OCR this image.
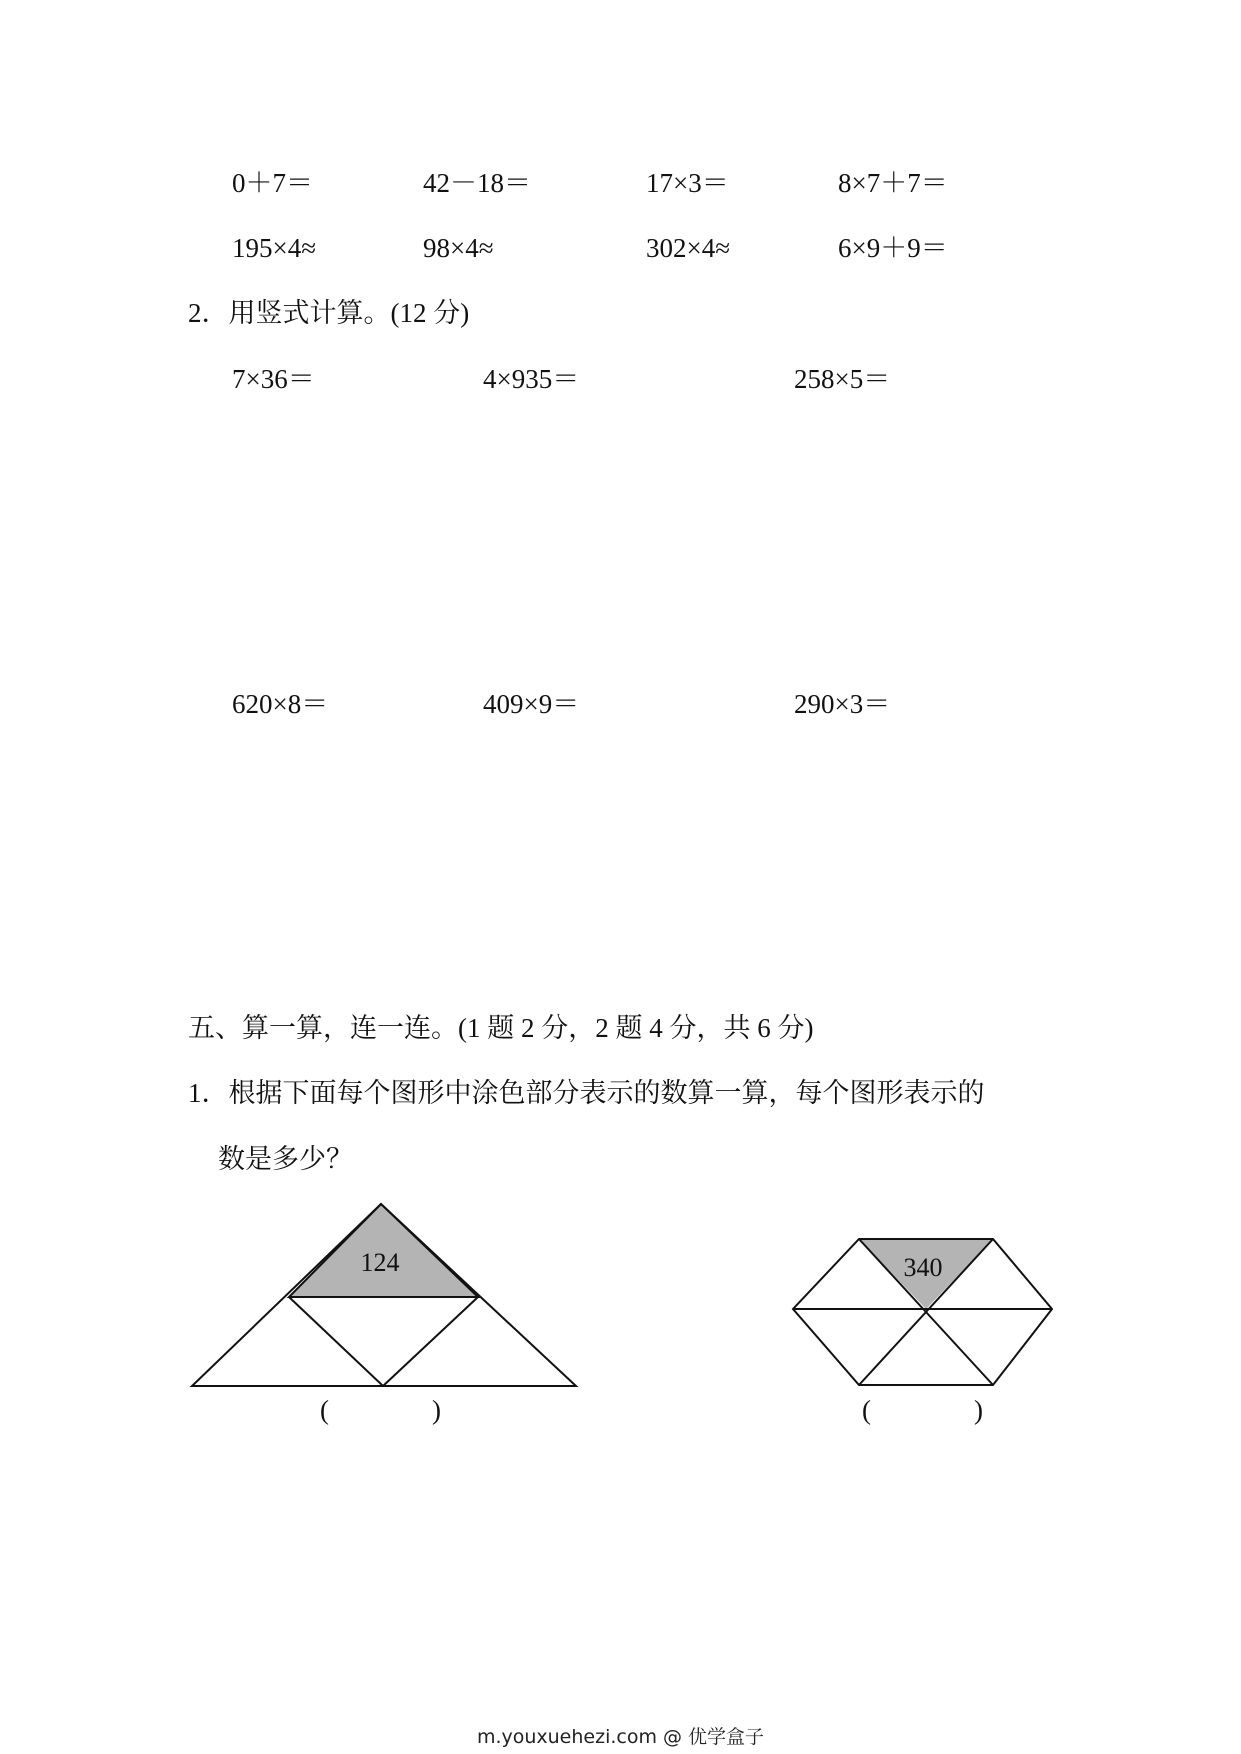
0＋7＝	42－18＝	17×3＝	8×7＋7＝
195×4≈	98×4≈	302×4≈	6×9＋9＝
2．用竖式计算。(12 分)
7×36＝	4×935＝	258×5＝
620×8＝	409×9＝	290×3＝
五、算一算，连一连。(1 题 2 分，2 题 4 分，共 6 分)
1．根据下面每个图形中涂色部分表示的数算一算，每个图形表示的
数是多少？
124
(	)
340
(	)
m.youxuehezi.com @ 优学盒子
